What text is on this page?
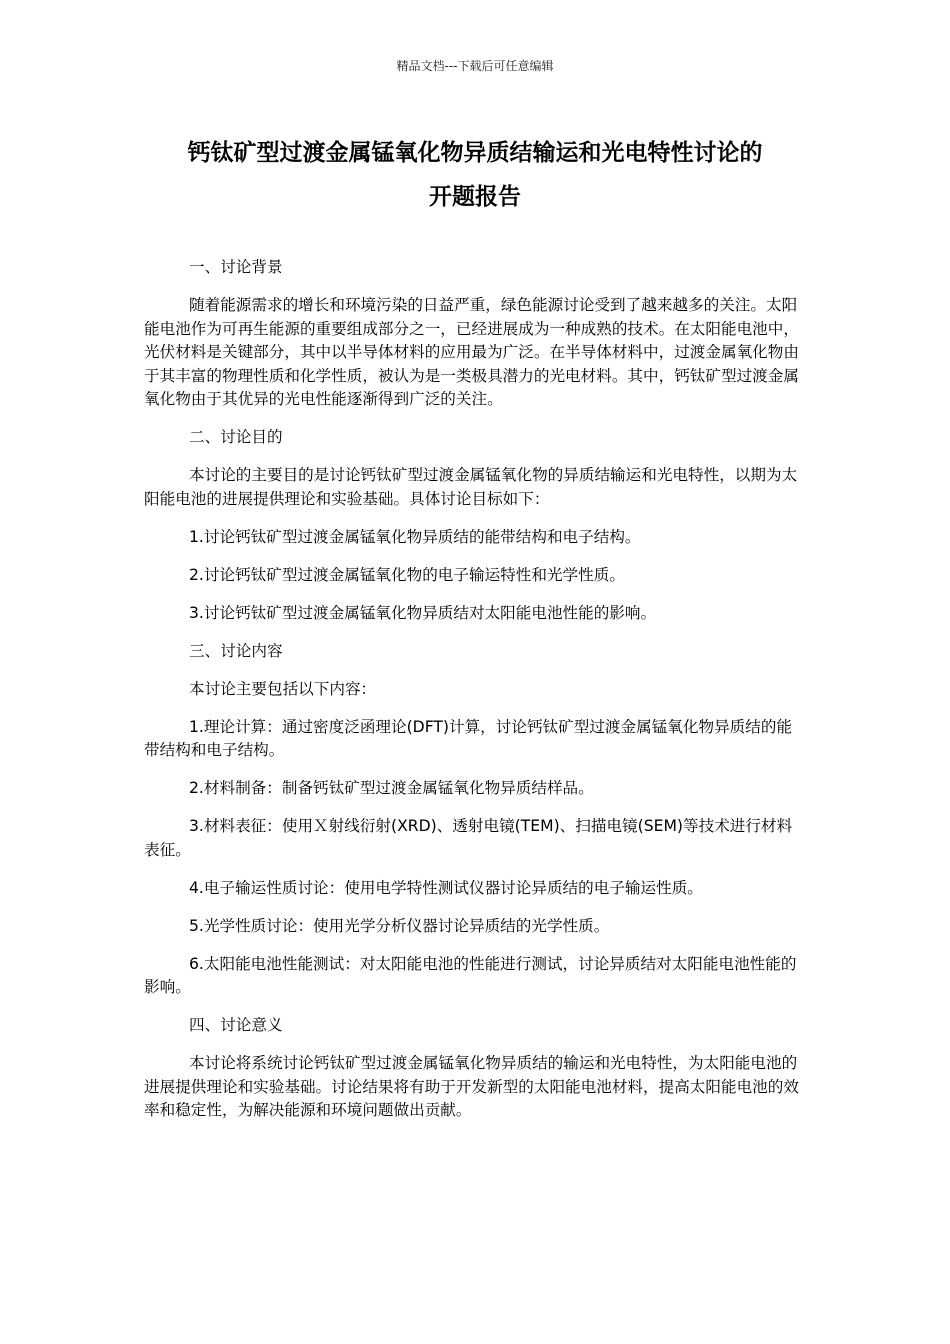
精品文档---下载后可任意编辑
钙钛矿型过渡金属锰氧化物异质结输运和光电特性讨论的
开题报告

一、讨论背景

随着能源需求的增长和环境污染的日益严重，绿色能源讨论受到了越来越多的关注。太阳能电池作为可再生能源的重要组成部分之一，已经进展成为一种成熟的技术。在太阳能电池中，光伏材料是关键部分，其中以半导体材料的应用最为广泛。在半导体材料中，过渡金属氧化物由于其丰富的物理性质和化学性质，被认为是一类极具潜力的光电材料。其中，钙钛矿型过渡金属氧化物由于其优异的光电性能逐渐得到广泛的关注。

二、讨论目的

本讨论的主要目的是讨论钙钛矿型过渡金属锰氧化物的异质结输运和光电特性，以期为太阳能电池的进展提供理论和实验基础。具体讨论目标如下：

1.讨论钙钛矿型过渡金属锰氧化物异质结的能带结构和电子结构。

2.讨论钙钛矿型过渡金属锰氧化物的电子输运特性和光学性质。

3.讨论钙钛矿型过渡金属锰氧化物异质结对太阳能电池性能的影响。

三、讨论内容

本讨论主要包括以下内容：

1.理论计算：通过密度泛函理论(DFT)计算，讨论钙钛矿型过渡金属锰氧化物异质结的能带结构和电子结构。

2.材料制备：制备钙钛矿型过渡金属锰氧化物异质结样品。

3.材料表征：使用Ｘ射线衍射(XRD)、透射电镜(TEM)、扫描电镜(SEM)等技术进行材料表征。

4.电子输运性质讨论：使用电学特性测试仪器讨论异质结的电子输运性质。

5.光学性质讨论：使用光学分析仪器讨论异质结的光学性质。

6.太阳能电池性能测试：对太阳能电池的性能进行测试，讨论异质结对太阳能电池性能的影响。

四、讨论意义

本讨论将系统讨论钙钛矿型过渡金属锰氧化物异质结的输运和光电特性，为太阳能电池的进展提供理论和实验基础。讨论结果将有助于开发新型的太阳能电池材料，提高太阳能电池的效率和稳定性，为解决能源和环境问题做出贡献。
